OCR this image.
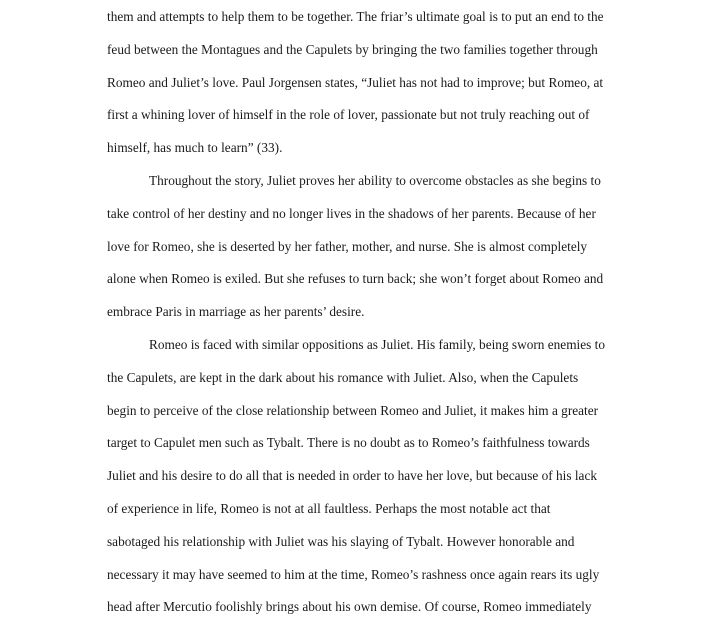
them and attempts to help them to be together. The friar’s ultimate goal is to put an end to the
feud between the Montagues and the Capulets by bringing the two families together through
Romeo and Juliet’s love. Paul Jorgensen states, “Juliet has not had to improve; but Romeo, at
first a whining lover of himself in the role of lover, passionate but not truly reaching out of
himself, has much to learn” (33).
Throughout the story, Juliet proves her ability to overcome obstacles as she begins to
take control of her destiny and no longer lives in the shadows of her parents. Because of her
love for Romeo, she is deserted by her father, mother, and nurse. She is almost completely
alone when Romeo is exiled. But she refuses to turn back; she won’t forget about Romeo and
embrace Paris in marriage as her parents’ desire.
Romeo is faced with similar oppositions as Juliet. His family, being sworn enemies to
the Capulets, are kept in the dark about his romance with Juliet. Also, when the Capulets
begin to perceive of the close relationship between Romeo and Juliet, it makes him a greater
target to Capulet men such as Tybalt. There is no doubt as to Romeo’s faithfulness towards
Juliet and his desire to do all that is needed in order to have her love, but because of his lack
of experience in life, Romeo is not at all faultless. Perhaps the most notable act that
sabotaged his relationship with Juliet was his slaying of Tybalt. However honorable and
necessary it may have seemed to him at the time, Romeo’s rashness once again rears its ugly
head after Mercutio foolishly brings about his own demise. Of course, Romeo immediately
